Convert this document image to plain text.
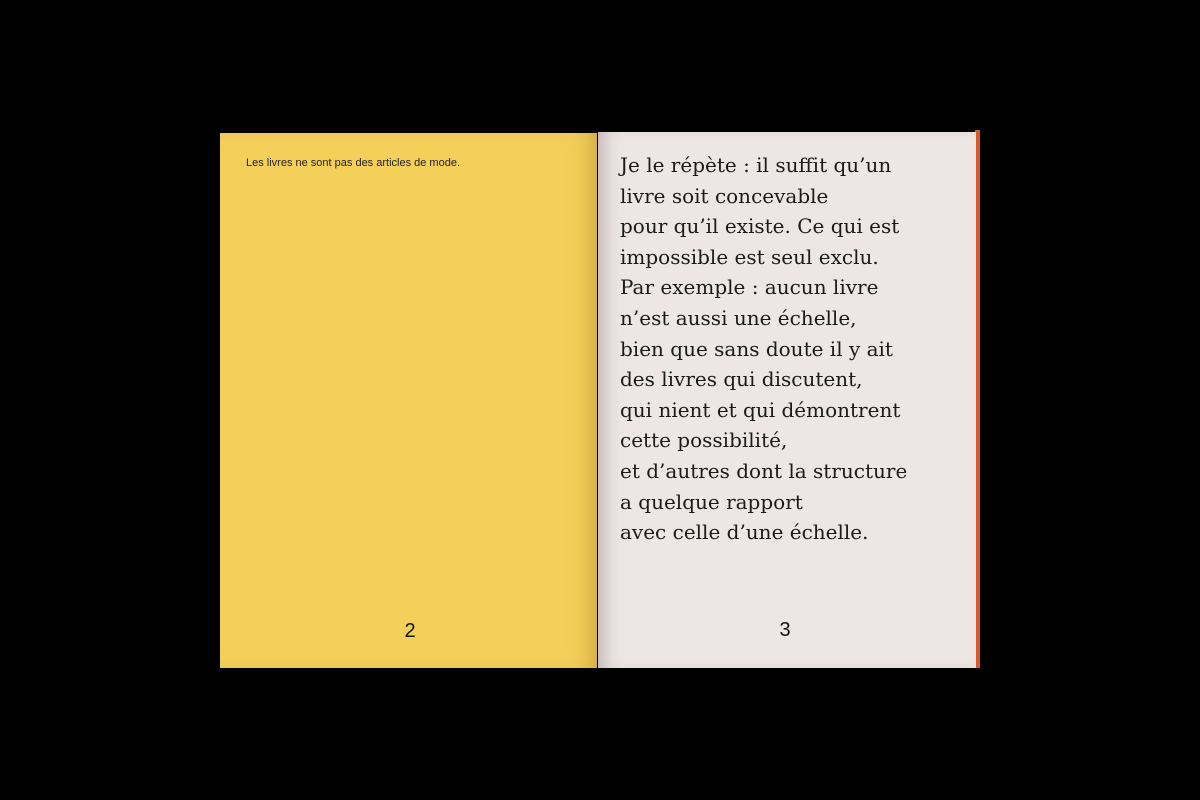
Les livres ne sont pas des articles de mode.
2
Je le répète : il suffit qu’un
livre soit concevable
pour qu’il existe. Ce qui est
impossible est seul exclu.
Par exemple : aucun livre
n’est aussi une échelle,
bien que sans doute il y ait
des livres qui discutent,
qui nient et qui démontrent
cette possibilité,
et d’autres dont la structure
a quelque rapport
avec celle d’une échelle.
3
